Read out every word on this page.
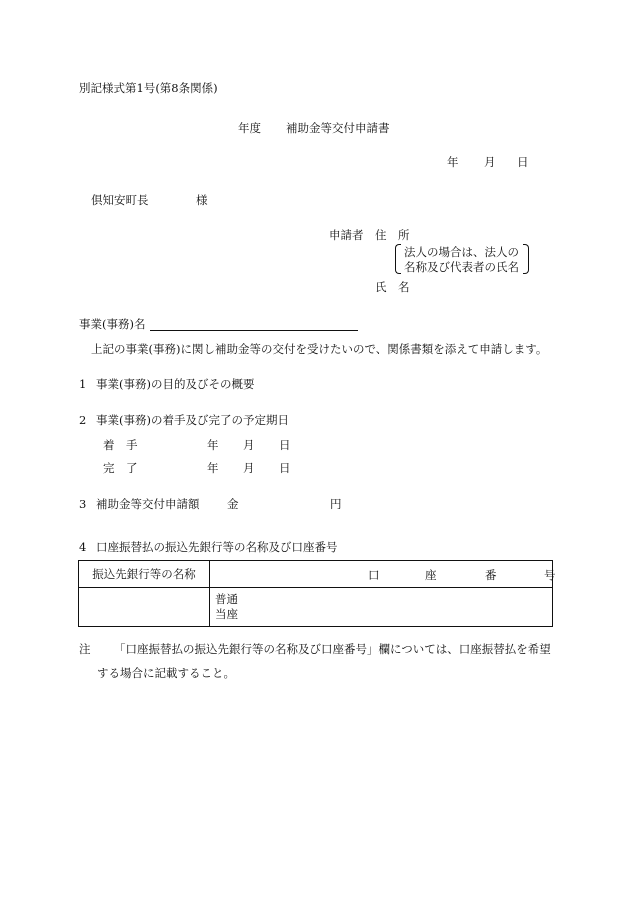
別記様式第1号(第8条関係)
年度 補助金等交付申請書
年 月 日
倶知安町長	様
申請者 住　所
法人の場合は、法人の
名称及び代表者の氏名
氏　名
事業(事務)名
上記の事業(事務)に関し補助金等の交付を受けたいので、関係書類を添えて申請します。
1 事業(事務)の目的及びその概要
2 事業(事務)の着手及び完了の予定期日
着　手	年 月 日
完　了	年 月 日
3 補助金等交付申請額 金	円
4 口座振替払の振込先銀行等の名称及び口座番号
振込先銀行等の名称	口 座 番 号

	普通
当座
注 「口座振替払の振込先銀行等の名称及び口座番号」欄については、口座振替払を希望
する場合に記載すること。
